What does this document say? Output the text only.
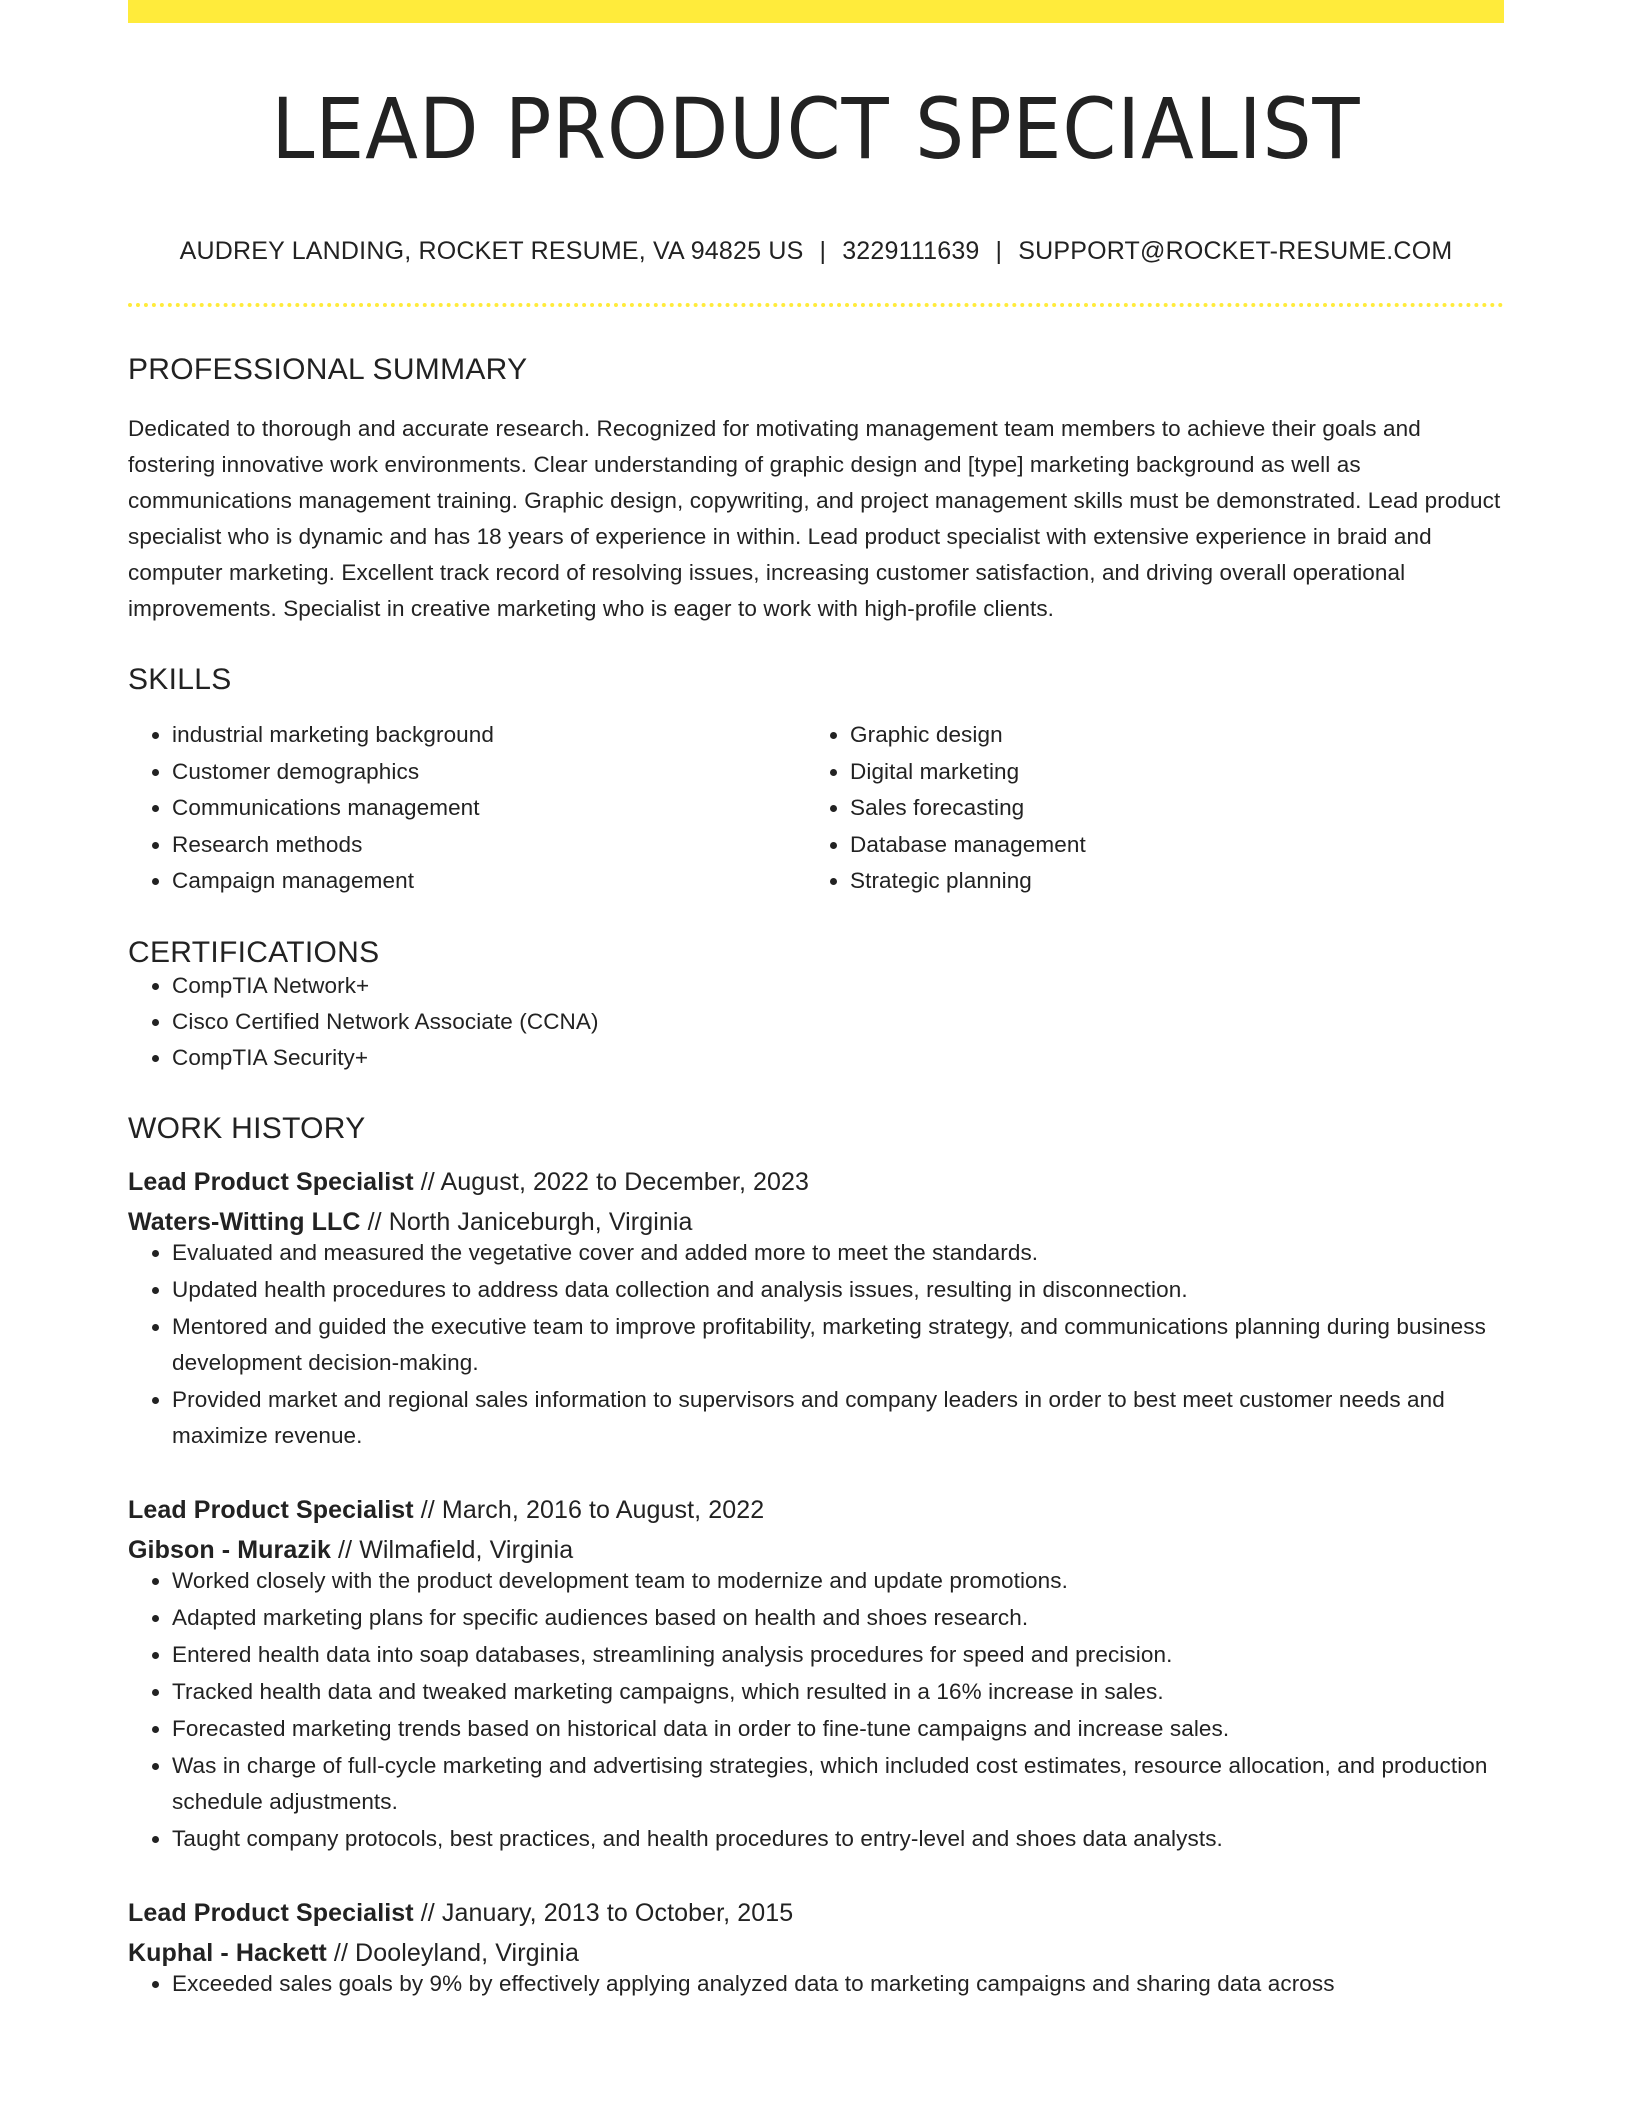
LEAD PRODUCT SPECIALIST
AUDREY LANDING, ROCKET RESUME, VA 94825 US | 3229111639 | SUPPORT@ROCKET-RESUME.COM
PROFESSIONAL SUMMARY
Dedicated to thorough and accurate research. Recognized for motivating management team members to achieve their goals and fostering innovative work environments. Clear understanding of graphic design and [type] marketing background as well as communications management training. Graphic design, copywriting, and project management skills must be demonstrated. Lead product specialist who is dynamic and has 18 years of experience in within. Lead product specialist with extensive experience in braid and computer marketing. Excellent track record of resolving issues, increasing customer satisfaction, and driving overall operational improvements. Specialist in creative marketing who is eager to work with high-profile clients.
SKILLS
• industrial marketing background
• Customer demographics
• Communications management
• Research methods
• Campaign management
• Graphic design
• Digital marketing
• Sales forecasting
• Database management
• Strategic planning
CERTIFICATIONS
• CompTIA Network+
• Cisco Certified Network Associate (CCNA)
• CompTIA Security+
WORK HISTORY
Lead Product Specialist // August, 2022 to December, 2023
Waters-Witting LLC // North Janiceburgh, Virginia
• Evaluated and measured the vegetative cover and added more to meet the standards.
• Updated health procedures to address data collection and analysis issues, resulting in disconnection.
• Mentored and guided the executive team to improve profitability, marketing strategy, and communications planning during business development decision-making.
• Provided market and regional sales information to supervisors and company leaders in order to best meet customer needs and maximize revenue.
Lead Product Specialist // March, 2016 to August, 2022
Gibson - Murazik // Wilmafield, Virginia
• Worked closely with the product development team to modernize and update promotions.
• Adapted marketing plans for specific audiences based on health and shoes research.
• Entered health data into soap databases, streamlining analysis procedures for speed and precision.
• Tracked health data and tweaked marketing campaigns, which resulted in a 16% increase in sales.
• Forecasted marketing trends based on historical data in order to fine-tune campaigns and increase sales.
• Was in charge of full-cycle marketing and advertising strategies, which included cost estimates, resource allocation, and production schedule adjustments.
• Taught company protocols, best practices, and health procedures to entry-level and shoes data analysts.
Lead Product Specialist // January, 2013 to October, 2015
Kuphal - Hackett // Dooleyland, Virginia
• Exceeded sales goals by 9% by effectively applying analyzed data to marketing campaigns and sharing data across
